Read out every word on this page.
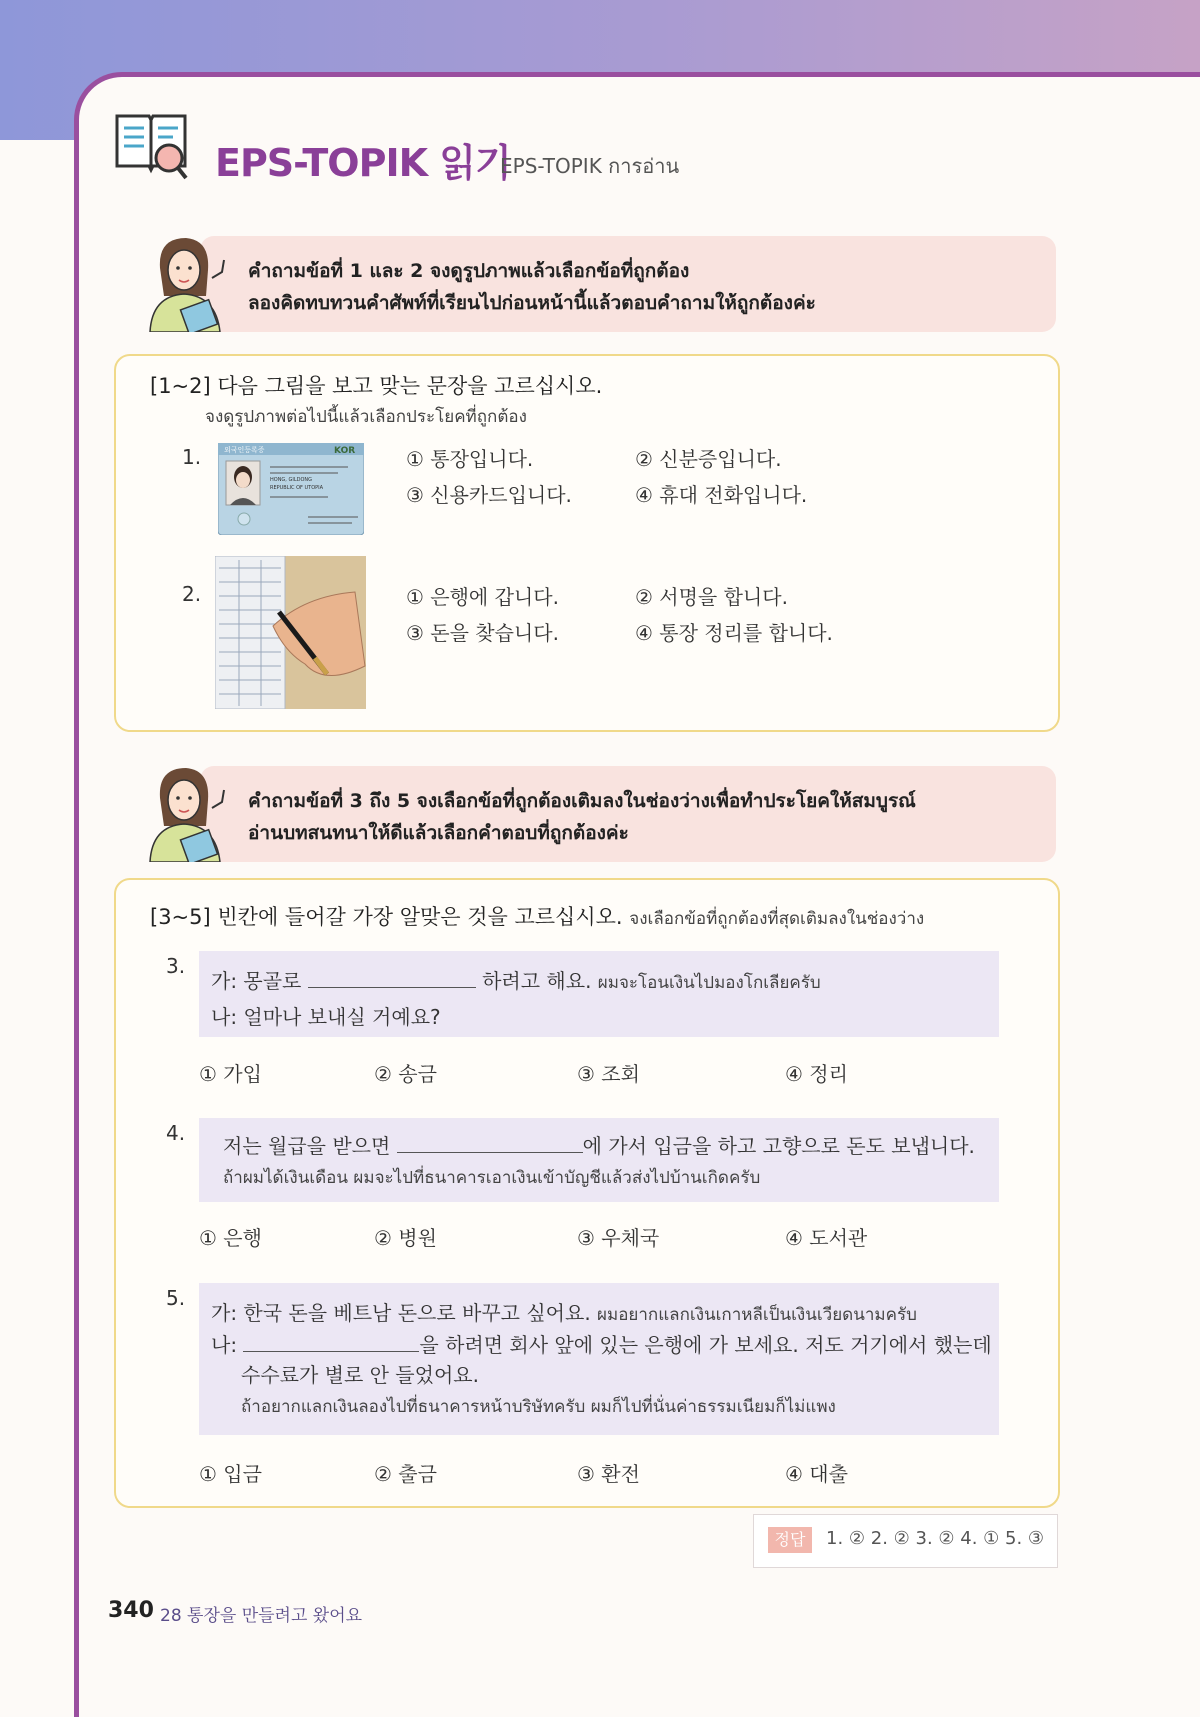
EPS-TOPIK 읽기
EPS-TOPIK การอ่าน
คำถามข้อที่ 1 และ 2 จงดูรูปภาพแล้วเลือกข้อที่ถูกต้อง
ลองคิดทบทวนคำศัพท์ที่เรียนไปก่อนหน้านี้แล้วตอบคำถามให้ถูกต้องค่ะ
[1~2] 다음 그림을 보고 맞는 문장을 고르십시오.
จงดูรูปภาพต่อไปนี้แล้วเลือกประโยคที่ถูกต้อง
1.	외국인등록증	KOR
HONG, GILDONG
REPUBLIC OF UTOPIA
① 통장입니다.	② 신분증입니다.
③ 신용카드입니다.	④ 휴대 전화입니다.
2.	① 은행에 갑니다.	② 서명을 합니다.
③ 돈을 찾습니다.	④ 통장 정리를 합니다.
คำถามข้อที่ 3 ถึง 5 จงเลือกข้อที่ถูกต้องเติมลงในช่องว่างเพื่อทำประโยคให้สมบูรณ์
อ่านบทสนทนาให้ดีแล้วเลือกคำตอบที่ถูกต้องค่ะ
[3~5] 빈칸에 들어갈 가장 알맞은 것을 고르십시오. จงเลือกข้อที่ถูกต้องที่สุดเติมลงในช่องว่าง
3.
가: 몽골로	하려고 해요. ผมจะโอนเงินไปมองโกเลียครับ
나: 얼마나 보내실 거예요?
① 가입	② 송금	③ 조회	④ 정리
4.
저는 월급을 받으면	에 가서 입금을 하고 고향으로 돈도 보냅니다.
ถ้าผมได้เงินเดือน ผมจะไปที่ธนาคารเอาเงินเข้าบัญชีแล้วส่งไปบ้านเกิดครับ
① 은행	② 병원	③ 우체국	④ 도서관
5.
가: 한국 돈을 베트남 돈으로 바꾸고 싶어요. ผมอยากแลกเงินเกาหลีเป็นเงินเวียดนามครับ
나:	을 하려면 회사 앞에 있는 은행에 가 보세요. 저도 거기에서 했는데
수수료가 별로 안 들었어요.
ถ้าอยากแลกเงินลองไปที่ธนาคารหน้าบริษัทครับ ผมก็ไปที่นั่นค่าธรรมเนียมก็ไม่แพง
① 입금	② 출금	③ 환전	④ 대출
정답	1. ② 2. ② 3. ② 4. ① 5. ③
340 28 통장을 만들려고 왔어요
